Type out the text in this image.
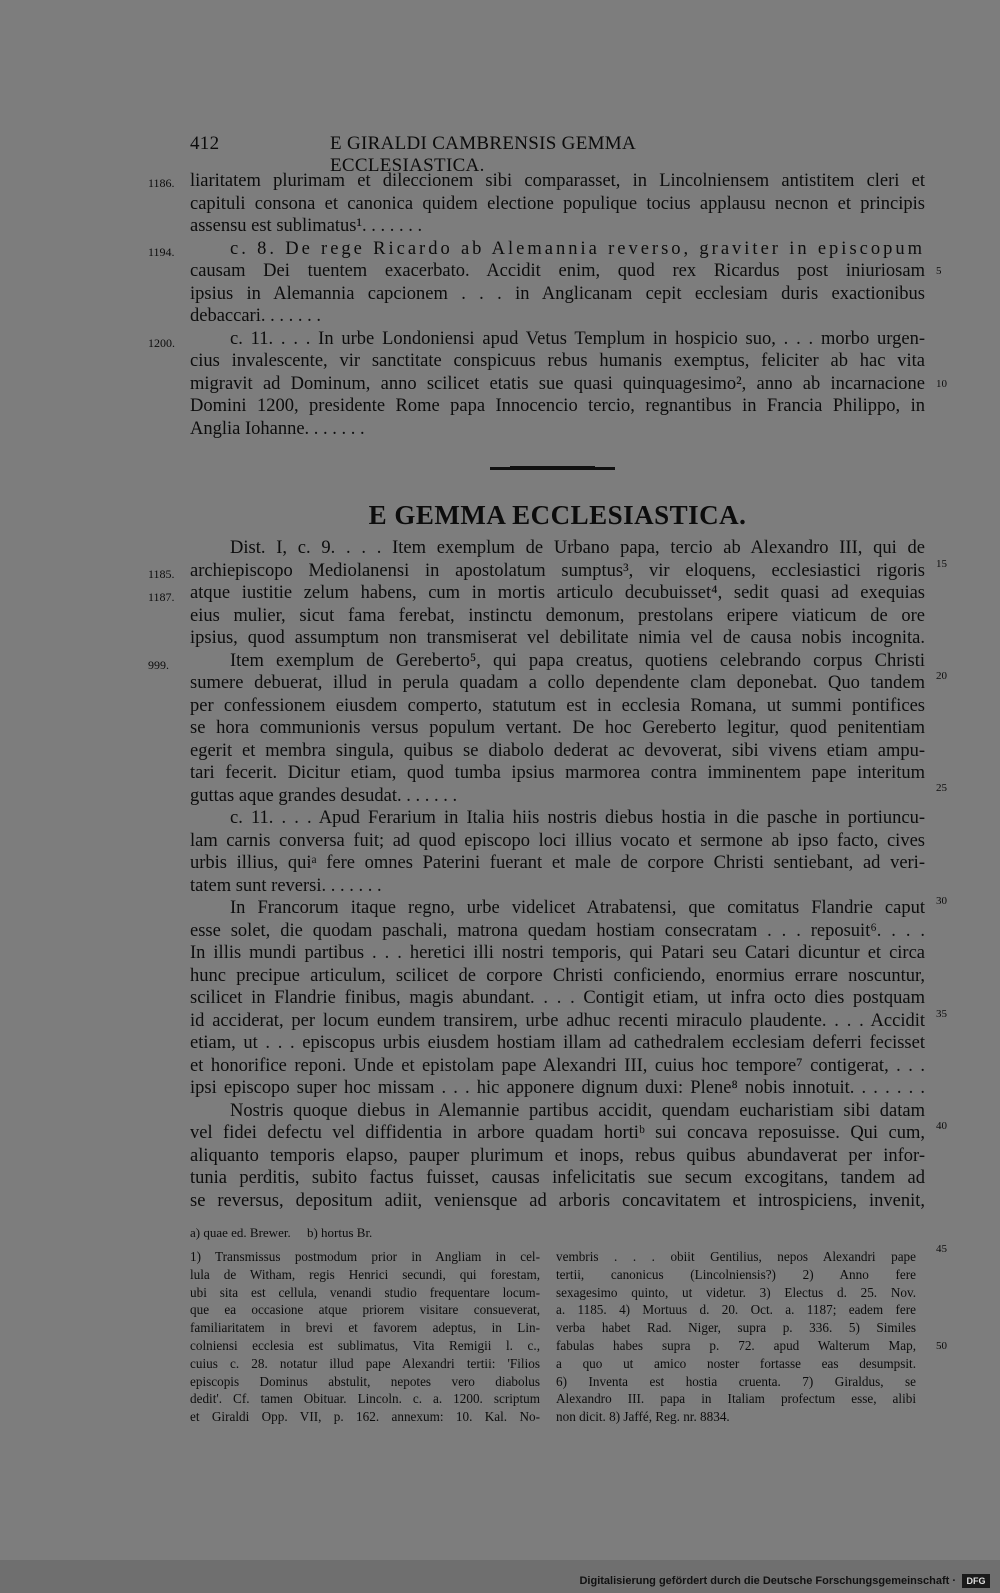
412	E GIRALDI CAMBRENSIS GEMMA ECCLESIASTICA.
1186.
1194.
1200.
5
10
liaritatem plurimam et dileccionem sibi comparasset, in Lincolniensem antistitem cleri et
capituli consona et canonica quidem electione populique tocius applausu necnon et principis
assensu est sublimatus¹. . . . . . .
c. 8. De rege Ricardo ab Alemannia reverso, graviter in episcopum
causam Dei tuentem exacerbato. Accidit enim, quod rex Ricardus post iniuriosam
ipsius in Alemannia capcionem . . . in Anglicanam cepit ecclesiam duris exactionibus
debaccari. . . . . . .
c. 11. . . . In urbe Londoniensi apud Vetus Templum in hospicio suo, . . . morbo urgen-
cius invalescente, vir sanctitate conspicuus rebus humanis exemptus, feliciter ab hac vita
migravit ad Dominum, anno scilicet etatis sue quasi quinquagesimo², anno ab incarnacione
Domini 1200, presidente Rome papa Innocencio tercio, regnantibus in Francia Philippo, in
Anglia Iohanne. . . . . . .
E GEMMA ECCLESIASTICA.
1185.
1187.
999.
15
20
25
30
35
40
Dist. I, c. 9. . . . Item exemplum de Urbano papa, tercio ab Alexandro III, qui de
archiepiscopo Mediolanensi in apostolatum sumptus³, vir eloquens, ecclesiastici rigoris
atque iustitie zelum habens, cum in mortis articulo decubuisset⁴, sedit quasi ad exequias
eius mulier, sicut fama ferebat, instinctu demonum, prestolans eripere viaticum de ore
ipsius, quod assumptum non transmiserat vel debilitate nimia vel de causa nobis incognita.
Item exemplum de Gereberto⁵, qui papa creatus, quotiens celebrando corpus Christi
sumere debuerat, illud in perula quadam a collo dependente clam deponebat. Quo tandem
per confessionem eiusdem comperto, statutum est in ecclesia Romana, ut summi pontifices
se hora communionis versus populum vertant. De hoc Gereberto legitur, quod penitentiam
egerit et membra singula, quibus se diabolo dederat ac devoverat, sibi vivens etiam ampu-
tari fecerit. Dicitur etiam, quod tumba ipsius marmorea contra imminentem pape interitum
guttas aque grandes desudat. . . . . . .
c. 11. . . . Apud Ferarium in Italia hiis nostris diebus hostia in die pasche in portiuncu-
lam carnis conversa fuit; ad quod episcopo loci illius vocato et sermone ab ipso facto, cives
urbis illius, quiᵃ fere omnes Paterini fuerant et male de corpore Christi sentiebant, ad veri-
tatem sunt reversi. . . . . . .
In Francorum itaque regno, urbe videlicet Atrabatensi, que comitatus Flandrie caput
esse solet, die quodam paschali, matrona quedam hostiam consecratam . . . reposuit⁶. . . .
In illis mundi partibus . . . heretici illi nostri temporis, qui Patari seu Catari dicuntur et circa
hunc precipue articulum, scilicet de corpore Christi conficiendo, enormius errare noscuntur,
scilicet in Flandrie finibus, magis abundant. . . . Contigit etiam, ut infra octo dies postquam
id acciderat, per locum eundem transirem, urbe adhuc recenti miraculo plaudente. . . . Accidit
etiam, ut . . . episcopus urbis eiusdem hostiam illam ad cathedralem ecclesiam deferri fecisset
et honorifice reponi. Unde et epistolam pape Alexandri III, cuius hoc tempore⁷ contigerat, . . .
ipsi episcopo super hoc missam . . . hic apponere dignum duxi: Plene⁸ nobis innotuit. . . . . . .
Nostris quoque diebus in Alemannie partibus accidit, quendam eucharistiam sibi datam
vel fidei defectu vel diffidentia in arbore quadam hortiᵇ sui concava reposuisse. Qui cum,
aliquanto temporis elapso, pauper plurimum et inops, rebus quibus abundaverat per infor-
tunia perditis, subito factus fuisset, causas infelicitatis sue secum excogitans, tandem ad
se reversus, depositum adiit, veniensque ad arboris concavitatem et introspiciens, invenit,
a) quae ed. Brewer.     b) hortus Br.
45
50
1) Transmissus postmodum prior in Angliam in cel-
lula de Witham, regis Henrici secundi, qui forestam,
ubi sita est cellula, venandi studio frequentare locum-
que ea occasione atque priorem visitare consueverat,
familiaritatem in brevi et favorem adeptus, in Lin-
colniensi ecclesia est sublimatus, Vita Remigii l. c.,
cuius c. 28. notatur illud pape Alexandri tertii: 'Filios
episcopis Dominus abstulit, nepotes vero diabolus
dedit'. Cf. tamen Obituar. Lincoln. c. a. 1200. scriptum
et Giraldi Opp. VII, p. 162. annexum: 10. Kal. No-
vembris . . . obiit Gentilius, nepos Alexandri pape
tertii, canonicus (Lincolniensis?) 2) Anno fere
sexagesimo quinto, ut videtur. 3) Electus d. 25. Nov.
a. 1185. 4) Mortuus d. 20. Oct. a. 1187; eadem fere
verba habet Rad. Niger, supra p. 336. 5) Similes
fabulas habes supra p. 72. apud Walterum Map,
a quo ut amico noster fortasse eas desumpsit.
6) Inventa est hostia cruenta. 7) Giraldus, se
Alexandro III. papa in Italiam profectum esse, alibi
non dicit. 8) Jaffé, Reg. nr. 8834.
Digitalisierung gefördert durch die Deutsche Forschungsgemeinschaft ·	DFG
